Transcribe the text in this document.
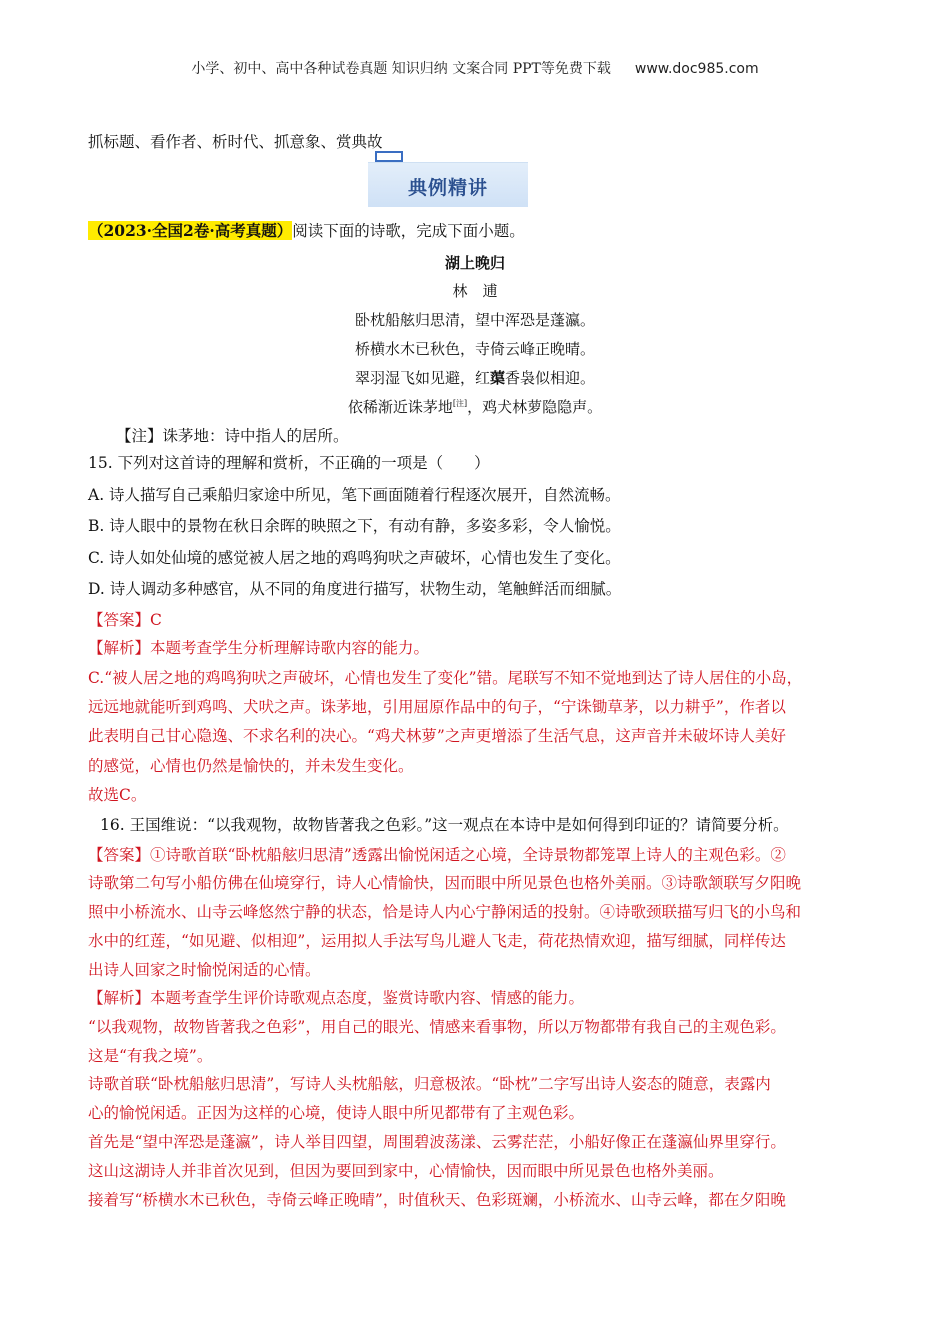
小学、初中、高中各种试卷真题 知识归纳 文案合同 PPT等免费下载 www.doc985.com
抓标题、看作者、析时代、抓意象、赏典故
典例精讲
（2023·全国2卷·高考真题）阅读下面的诗歌，完成下面小题。
湖上晚归
林　逋
卧枕船舷归思清，望中浑恐是蓬瀛。
桥横水木已秋色，寺倚云峰正晚晴。
翠羽湿飞如见避，红蕖香袅似相迎。
依稀渐近诛茅地[注]，鸡犬林萝隐隐声。
【注】诛茅地：诗中指人的居所。
15. 下列对这首诗的理解和赏析，不正确的一项是（　　）
A. 诗人描写自己乘船归家途中所见，笔下画面随着行程逐次展开，自然流畅。
B. 诗人眼中的景物在秋日余晖的映照之下，有动有静，多姿多彩，令人愉悦。
C. 诗人如处仙境的感觉被人居之地的鸡鸣狗吠之声破坏，心情也发生了变化。
D. 诗人调动多种感官，从不同的角度进行描写，状物生动，笔触鲜活而细腻。
【答案】C
【解析】本题考查学生分析理解诗歌内容的能力。
C.“被人居之地的鸡鸣狗吠之声破坏，心情也发生了变化”错。尾联写不知不觉地到达了诗人居住的小岛，
远远地就能听到鸡鸣、犬吠之声。诛茅地，引用屈原作品中的句子，“宁诛锄草茅，以力耕乎”，作者以
此表明自己甘心隐逸、不求名利的决心。“鸡犬林萝”之声更增添了生活气息，这声音并未破坏诗人美好
的感觉，心情也仍然是愉快的，并未发生变化。
故选C。
16. 王国维说：“以我观物，故物皆著我之色彩。”这一观点在本诗中是如何得到印证的？请简要分析。
【答案】①诗歌首联“卧枕船舷归思清”透露出愉悦闲适之心境，全诗景物都笼罩上诗人的主观色彩。②
诗歌第二句写小船仿佛在仙境穿行，诗人心情愉快，因而眼中所见景色也格外美丽。③诗歌颔联写夕阳晚
照中小桥流水、山寺云峰悠然宁静的状态，恰是诗人内心宁静闲适的投射。④诗歌颈联描写归飞的小鸟和
水中的红莲，“如见避、似相迎”，运用拟人手法写鸟儿避人飞走，荷花热情欢迎，描写细腻，同样传达
出诗人回家之时愉悦闲适的心情。
【解析】本题考查学生评价诗歌观点态度，鉴赏诗歌内容、情感的能力。
“以我观物，故物皆著我之色彩”，用自己的眼光、情感来看事物，所以万物都带有我自己的主观色彩。
这是“有我之境”。
诗歌首联“卧枕船舷归思清”，写诗人头枕船舷，归意极浓。“卧枕”二字写出诗人姿态的随意，表露内
心的愉悦闲适。正因为这样的心境，使诗人眼中所见都带有了主观色彩。
首先是“望中浑恐是蓬瀛”，诗人举目四望，周围碧波荡漾、云雾茫茫，小船好像正在蓬瀛仙界里穿行。
这山这湖诗人并非首次见到，但因为要回到家中，心情愉快，因而眼中所见景色也格外美丽。
接着写“桥横水木已秋色，寺倚云峰正晚晴”，时值秋天、色彩斑斓，小桥流水、山寺云峰，都在夕阳晚
